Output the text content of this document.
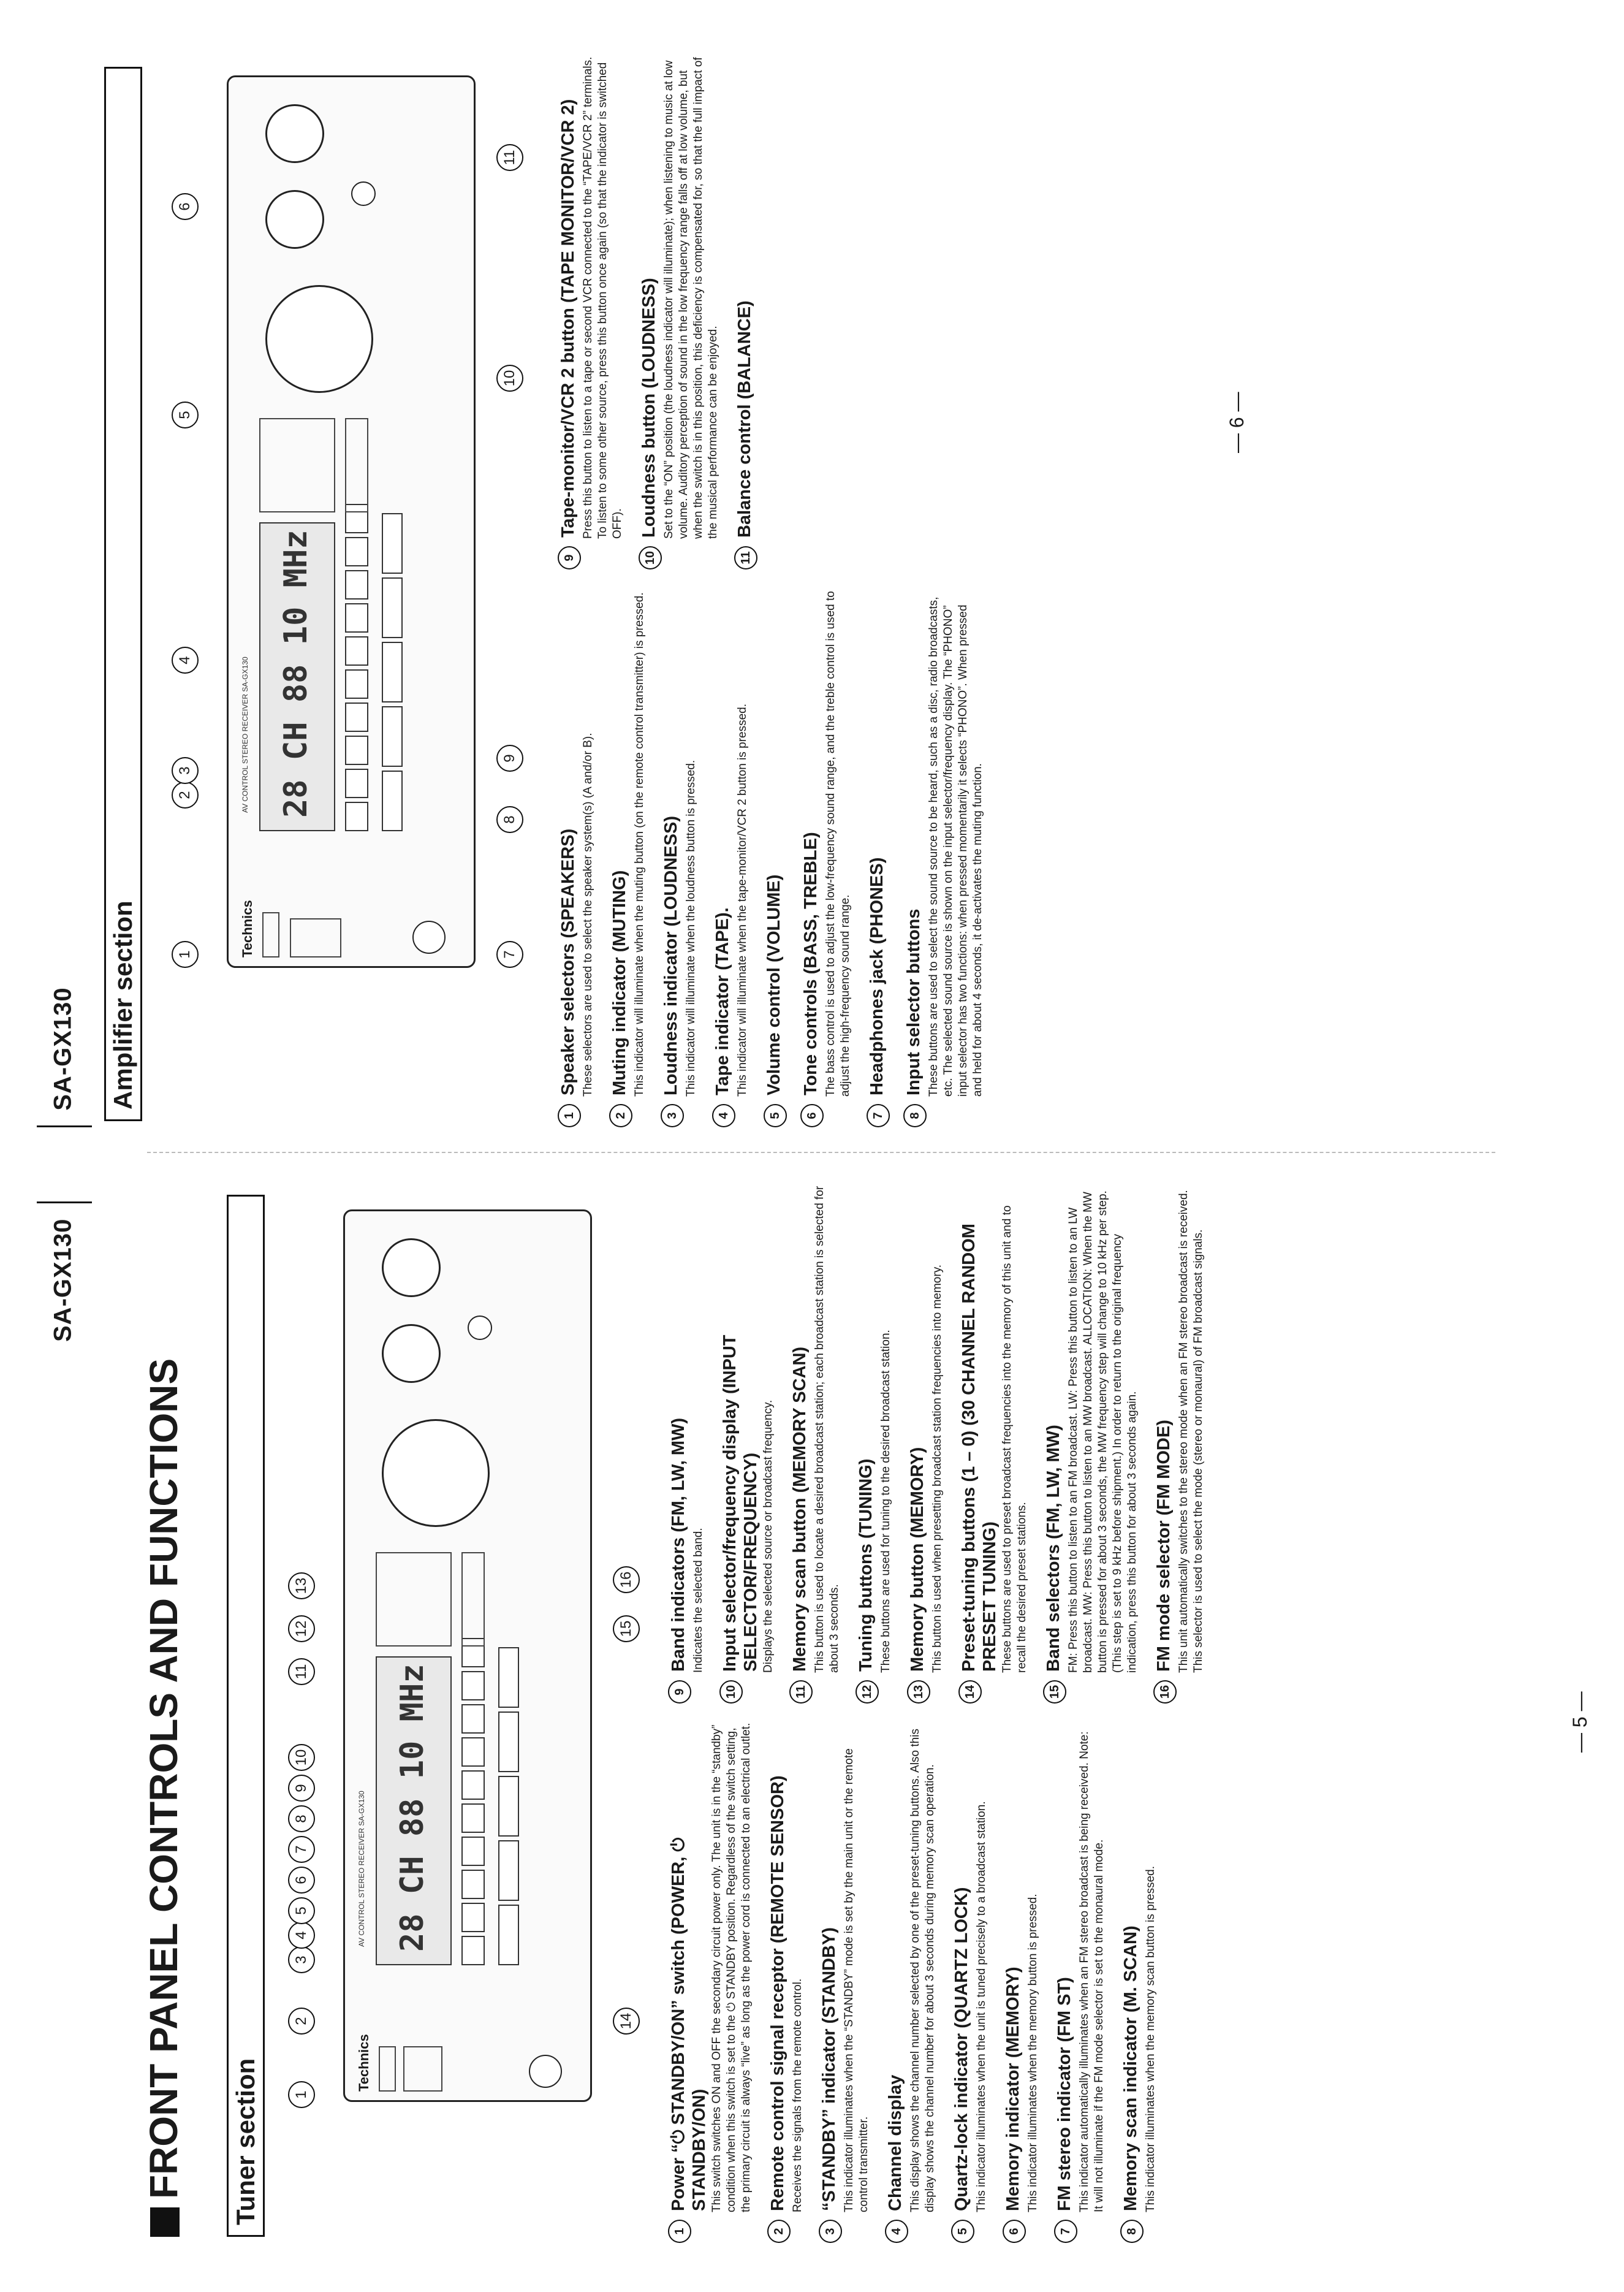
SA-GX130
FRONT PANEL CONTROLS AND FUNCTIONS Tuner section	Technics
AV CONTROL STEREO RECEIVER SA-GX130 28 CH 88 10 MHz
1
2
3
4
5
6
7
8
9
10
11
12
13
14
15
16
1
Power “⏻ STANDBY/ON” switch (POWER, ⏻ STANDBY/ON) This switch switches ON and OFF the secondary circuit power only. The unit is in the “standby” condition when this switch is set to the ⏻ STANDBY position. Regardless of the switch setting, the primary circuit is always “live” as long as the power cord is connected to an electrical outlet.
2
Remote control signal receptor (REMOTE SENSOR) Receives the signals from the remote control.
3
“STANDBY” indicator (STANDBY) This indicator illuminates when the “STANDBY” mode is set by the main unit or the remote control transmitter.
4
Channel display This display shows the channel number selected by one of the preset-tuning buttons. Also this display shows the channel number for about 3 seconds during memory scan operation.
5
Quartz-lock indicator (QUARTZ LOCK) This indicator illuminates when the unit is tuned precisely to a broadcast station.
6
Memory indicator (MEMORY) This indicator illuminates when the memory button is pressed.
7
FM stereo indicator (FM ST) This indicator automatically illuminates when an FM stereo broadcast is being received. Note: It will not illuminate if the FM mode selector is set to the monaural mode.
8
Memory scan indicator (M. SCAN) This indicator illuminates when the memory scan button is pressed.
9
Band indicators (FM, LW, MW) Indicates the selected band.
10
Input selector/frequency display (INPUT SELECTOR/FREQUENCY) Displays the selected source or broadcast frequency.
11
Memory scan button (MEMORY SCAN) This button is used to locate a desired broadcast station; each broadcast station is selected for about 3 seconds.
12
Tuning buttons (TUNING) These buttons are used for tuning to the desired broadcast station.
13
Memory button (MEMORY) This button is used when presetting broadcast station frequencies into memory.
14
Preset-tuning buttons (1 – 0) (30 CHANNEL RANDOM PRESET TUNING) These buttons are used to preset broadcast frequencies into the memory of this unit and to recall the desired preset stations.
15
Band selectors (FM, LW, MW) FM: Press this button to listen to an FM broadcast. LW: Press this button to listen to an LW broadcast. MW: Press this button to listen to an MW broadcast. ALLOCATION: When the MW button is pressed for about 3 seconds, the MW frequency step will change to 10 kHz per step. (This step is set to 9 kHz before shipment.) In order to return to the original frequency indication, press this button for about 3 seconds again.
16
FM mode selector (FM MODE) This unit automatically switches to the stereo mode when an FM stereo broadcast is received. This selector is used to select the mode (stereo or monaural) of FM broadcast signals.
— 5 —
SA-GX130	Amplifier section	Technics
AV CONTROL STEREO RECEIVER SA-GX130 28 CH 88 10 MHz
1
2
3
4
5
6
7
8
9
10
11
1
Speaker selectors (SPEAKERS) These selectors are used to select the speaker system(s) (A and/or B).
2
Muting indicator (MUTING) This indicator will illuminate when the muting button (on the remote control transmitter) is pressed.
3
Loudness indicator (LOUDNESS) This indicator will illuminate when the loudness button is pressed.
4
Tape indicator (TAPE). This indicator will illuminate when the tape-monitor/VCR 2 button is pressed.
5
Volume control (VOLUME)
6
Tone controls (BASS, TREBLE) The bass control is used to adjust the low-frequency sound range, and the treble control is used to adjust the high-frequency sound range.
7
Headphones jack (PHONES)
8
Input selector buttons These buttons are used to select the sound source to be heard, such as a disc, radio broadcasts, etc. The selected sound source is shown on the input selector/frequency display. The “PHONO” input selector has two functions: when pressed momentarily it selects “PHONO”. When pressed and held for about 4 seconds, it de-activates the muting function.
9
Tape-monitor/VCR 2 button (TAPE MONITOR/VCR 2) Press this button to listen to a tape or second VCR connected to the “TAPE/VCR 2” terminals. To listen to some other source, press this button once again (so that the indicator is switched OFF).
10
Loudness button (LOUDNESS) Set to the “ON” position (the loudness indicator will illuminate); when listening to music at low volume. Auditory perception of sound in the low frequency range falls off at low volume, but when the switch is in this position, this deficiency is compensated for, so that the full impact of the musical performance can be enjoyed.
11
Balance control (BALANCE)	— 6 —
